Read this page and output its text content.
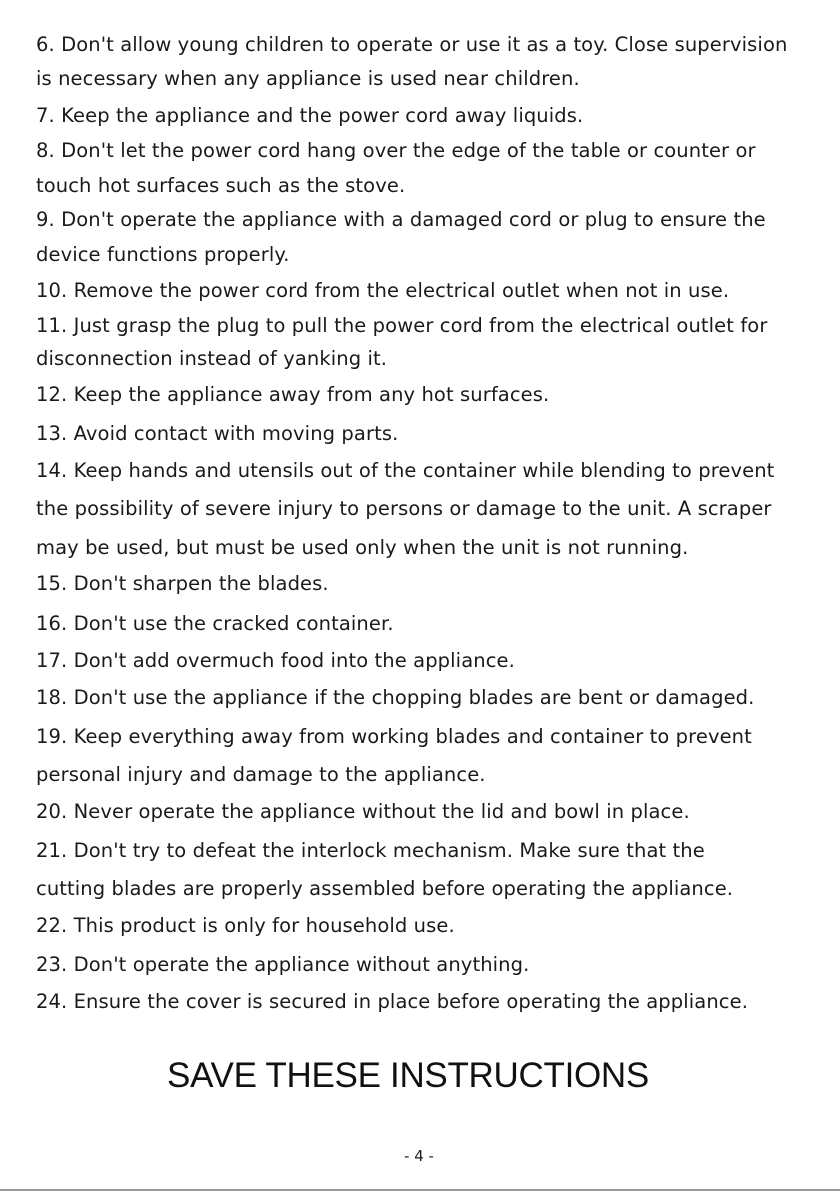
6. Don't allow young children to operate or use it as a toy. Close supervision
is necessary when any appliance is used near children.
7. Keep the appliance and the power cord away liquids.
8. Don't let the power cord hang over the edge of the table or counter or
touch hot surfaces such as the stove.
9. Don't operate the appliance with a damaged cord or plug to ensure the
device functions properly.
10. Remove the power cord from the electrical outlet when not in use.
11. Just grasp the plug to pull the power cord from the electrical outlet for
disconnection instead of yanking it.
12. Keep the appliance away from any hot surfaces.
13. Avoid contact with moving parts.
14. Keep hands and utensils out of the container while blending to prevent
the possibility of severe injury to persons or damage to the unit. A scraper
may be used, but must be used only when the unit is not running.
15. Don't sharpen the blades.
16. Don't use the cracked container.
17. Don't add overmuch food into the appliance.
18. Don't use the appliance if the chopping blades are bent or damaged.
19. Keep everything away from working blades and container to prevent
personal injury and damage to the appliance.
20. Never operate the appliance without the lid and bowl in place.
21. Don't try to defeat the interlock mechanism. Make sure that the
cutting blades are properly assembled before operating the appliance.
22. This product is only for household use.
23. Don't operate the appliance without anything.
24. Ensure the cover is secured in place before operating the appliance.
SAVE THESE INSTRUCTIONS
- 4 -
